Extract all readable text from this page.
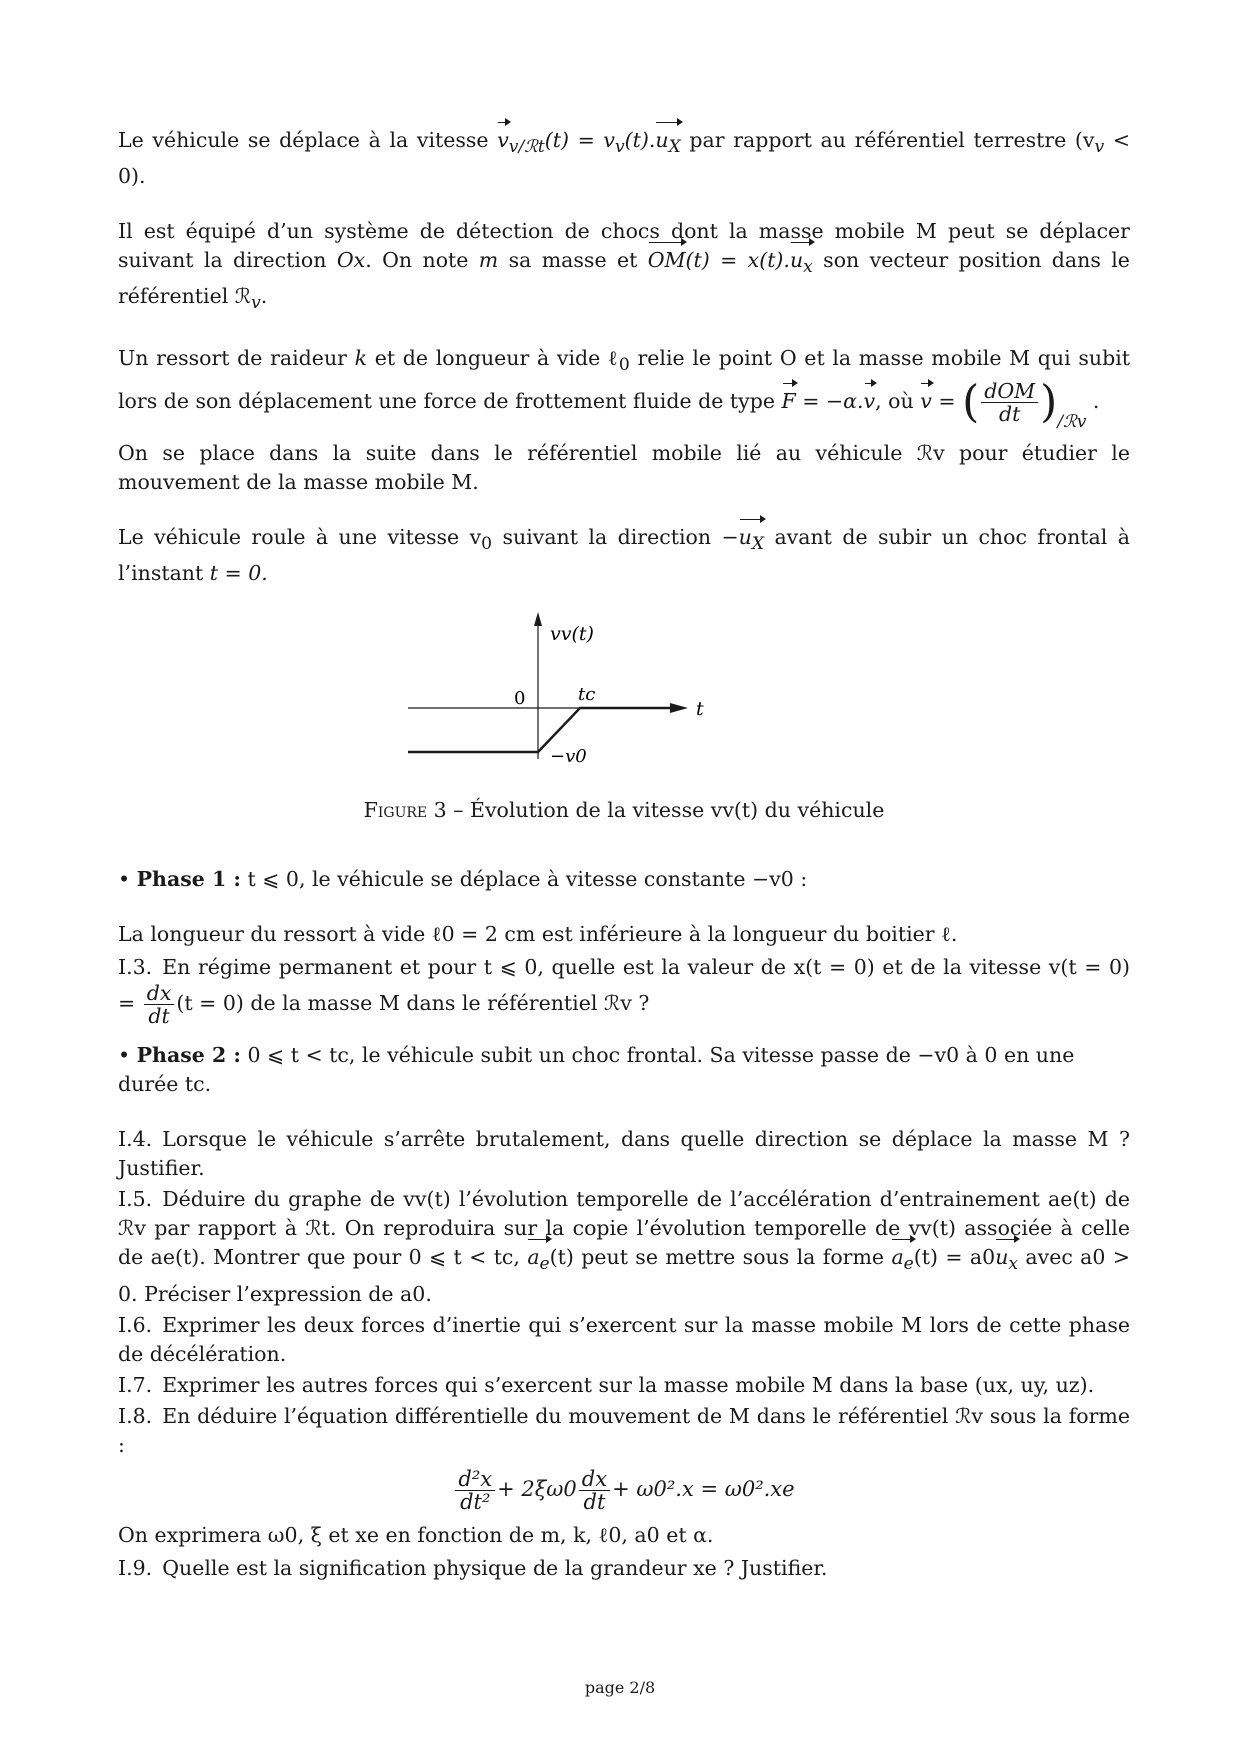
Le véhicule se déplace à la vitesse $v_{v/ℛt}(t) = v_v(t).u_X$ par rapport au référentiel terrestre $(v_v < 0)$.

Il est équipé d’un système de détection de chocs dont la masse mobile M peut se déplacer suivant la direction Ox. On note m sa masse et $OM(t) = x(t).u_x$ son vecteur position dans le référentiel ℛ$_v$.

Un ressort de raideur k et de longueur à vide ℓ$_0$ relie le point O et la masse mobile M qui subit lors de son déplacement une force de frottement fluide de type F = −α.v, où v = ( $\frac{\text{dOM}}{dt} )_{/ℛv}$ .

On se place dans la suite dans le référentiel mobile lié au véhicule ℛv pour étudier le mouvement de la masse mobile M.

Le véhicule roule à une vitesse $v_0$ suivant la direction $-u_X$ avant de subir un choc frontal à l’instant t = 0.

vv(t)
t
0	tc
−v0

Figure 3 – Évolution de la vitesse vv(t) du véhicule

• Phase 1 : t ⩽ 0, le véhicule se déplace à vitesse constante −v0 :

La longueur du ressort à vide ℓ0 = 2 cm est inférieure à la longueur du boitier ℓ.

I.3. En régime permanent et pour t ⩽ 0, quelle est la valeur de x(t = 0) et de la vitesse $v(t = 0) = \frac{dx}{dt} (t = 0)$ de la masse M dans le référentiel ℛv ?

• Phase 2 : 0 ⩽ t < tc, le véhicule subit un choc frontal. Sa vitesse passe de −v0 à 0 en une durée tc.

I.4. Lorsque le véhicule s’arrête brutalement, dans quelle direction se déplace la masse M ? Justifier.

I.5. Déduire du graphe de vv(t) l’évolution temporelle de l’accélération d’entrainement ae(t) de ℛv par rapport à ℛt. On reproduira sur la copie l’évolution temporelle de vv(t) associée à celle de ae(t). Montrer que pour 0 ⩽ t < tc, $a_e(t)$ peut se mettre sous la forme $a_e(t) = a0u_x$ avec a0 > 0. Préciser l’expression de a0.

I.6. Exprimer les deux forces d’inertie qui s’exercent sur la masse mobile M lors de cette phase de décélération.

I.7. Exprimer les autres forces qui s’exercent sur la masse mobile M dans la base (ux, uy, uz).

I.8. En déduire l’équation différentielle du mouvement de M dans le référentiel ℛv sous la forme :

$\frac{\text{d²x}}{\text{dt²}} + 2\xi\omega 0 \frac{dx}{dt} + \omega 0^2.x = \omega 0^2.xe$

On exprimera ω0, ξ et xe en fonction de m, k, ℓ0, a0 et α.

I.9. Quelle est la signification physique de la grandeur xe ? Justifier.

page 2/8
